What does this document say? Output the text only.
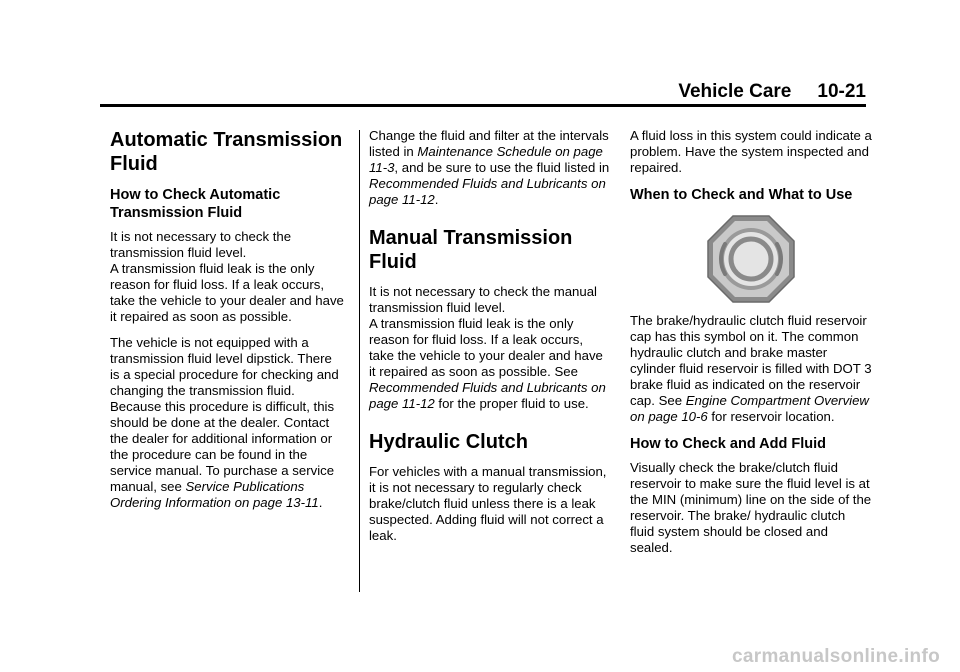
Vehicle Care 10-21
Automatic Transmission Fluid
How to Check Automatic Transmission Fluid

It is not necessary to check the transmission fluid level.
A transmission fluid leak is the only reason for fluid loss. If a leak occurs, take the vehicle to your dealer and have it repaired as soon as possible.

The vehicle is not equipped with a transmission fluid level dipstick. There is a special procedure for checking and changing the transmission fluid. Because this procedure is difficult, this should be done at the dealer. Contact the dealer for additional information or the procedure can be found in the service manual. To purchase a service manual, see Service Publications Ordering Information on page 13-11.

Change the fluid and filter at the intervals listed in Maintenance Schedule on page 11-3, and be sure to use the fluid listed in Recommended Fluids and Lubricants on page 11-12.

Manual Transmission Fluid

It is not necessary to check the manual transmission fluid level.
A transmission fluid leak is the only reason for fluid loss. If a leak occurs, take the vehicle to your dealer and have it repaired as soon as possible. See Recommended Fluids and Lubricants on page 11-12 for the proper fluid to use.

Hydraulic Clutch

For vehicles with a manual transmission, it is not necessary to regularly check brake/clutch fluid unless there is a leak suspected. Adding fluid will not correct a leak.

A fluid loss in this system could indicate a problem. Have the system inspected and repaired.

When to Check and What to Use

The brake/hydraulic clutch fluid reservoir cap has this symbol on it. The common hydraulic clutch and brake master cylinder fluid reservoir is filled with DOT 3 brake fluid as indicated on the reservoir cap. See Engine Compartment Overview on page 10-6 for reservoir location.

How to Check and Add Fluid

Visually check the brake/clutch fluid reservoir to make sure the fluid level is at the MIN (minimum) line on the side of the reservoir. The brake/ hydraulic clutch fluid system should be closed and sealed.

carmanualsonline.info
